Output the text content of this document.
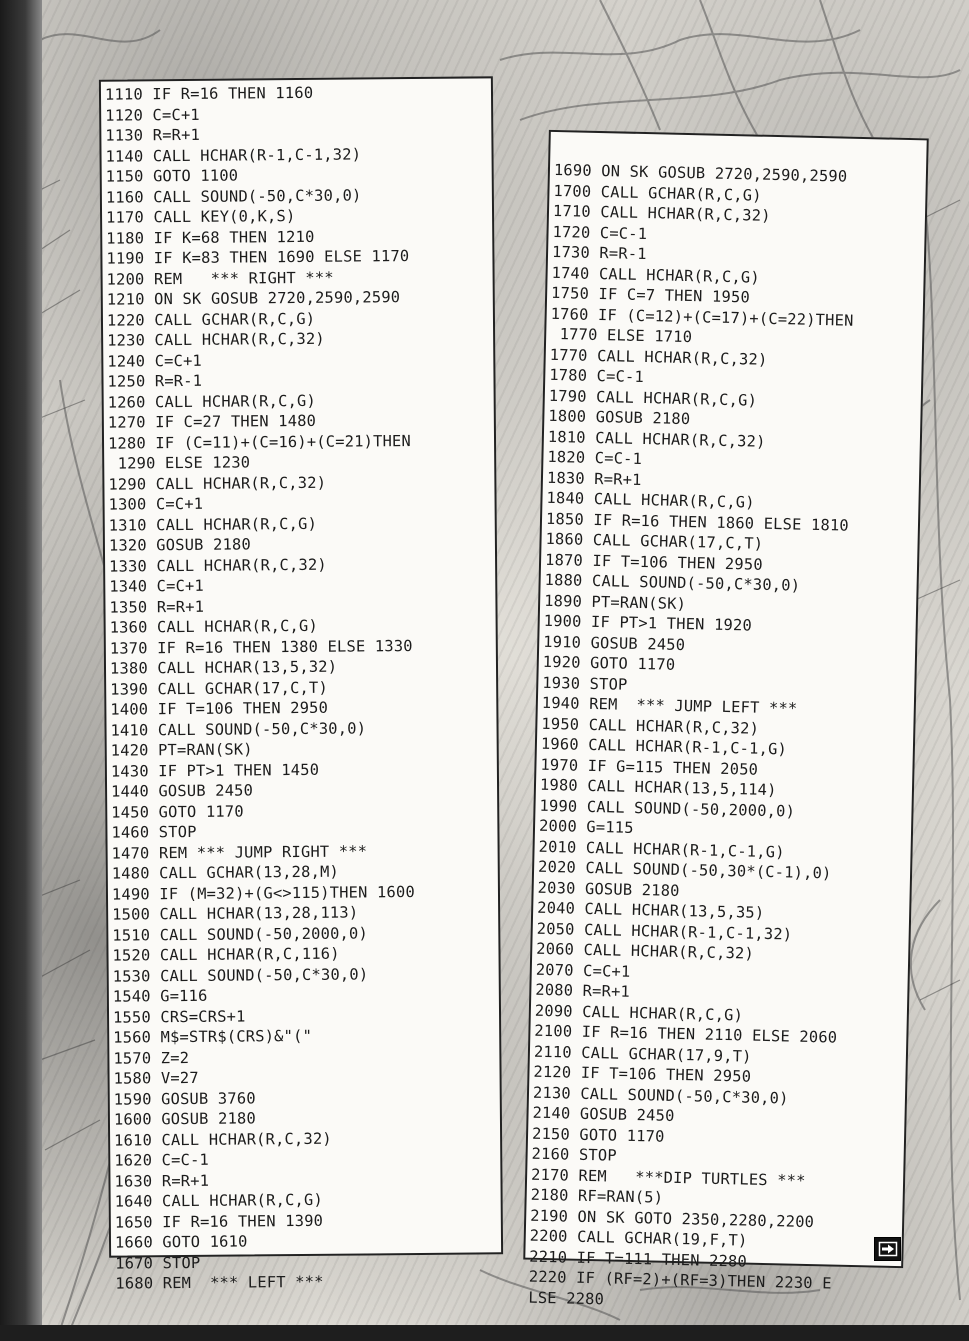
1110 IF R=16 THEN 1160
1120 C=C+1
1130 R=R+1
1140 CALL HCHAR(R-1,C-1,32)
1150 GOTO 1100
1160 CALL SOUND(-50,C*30,0)
1170 CALL KEY(0,K,S)
1180 IF K=68 THEN 1210
1190 IF K=83 THEN 1690 ELSE 1170
1200 REM   *** RIGHT ***
1210 ON SK GOSUB 2720,2590,2590
1220 CALL GCHAR(R,C,G)
1230 CALL HCHAR(R,C,32)
1240 C=C+1
1250 R=R-1
1260 CALL HCHAR(R,C,G)
1270 IF C=27 THEN 1480
1280 IF (C=11)+(C=16)+(C=21)THEN
1290 ELSE 1230
1290 CALL HCHAR(R,C,32)
1300 C=C+1
1310 CALL HCHAR(R,C,G)
1320 GOSUB 2180
1330 CALL HCHAR(R,C,32)
1340 C=C+1
1350 R=R+1
1360 CALL HCHAR(R,C,G)
1370 IF R=16 THEN 1380 ELSE 1330
1380 CALL HCHAR(13,5,32)
1390 CALL GCHAR(17,C,T)
1400 IF T=106 THEN 2950
1410 CALL SOUND(-50,C*30,0)
1420 PT=RAN(SK)
1430 IF PT>1 THEN 1450
1440 GOSUB 2450
1450 GOTO 1170
1460 STOP
1470 REM *** JUMP RIGHT ***
1480 CALL GCHAR(13,28,M)
1490 IF (M=32)+(G<>115)THEN 1600
1500 CALL HCHAR(13,28,113)
1510 CALL SOUND(-50,2000,0)
1520 CALL HCHAR(R,C,116)
1530 CALL SOUND(-50,C*30,0)
1540 G=116
1550 CRS=CRS+1
1560 M$=STR$(CRS)&"("
1570 Z=2
1580 V=27
1590 GOSUB 3760
1600 GOSUB 2180
1610 CALL HCHAR(R,C,32)
1620 C=C-1
1630 R=R+1
1640 CALL HCHAR(R,C,G)
1650 IF R=16 THEN 1390
1660 GOTO 1610
1670 STOP
1680 REM  *** LEFT ***
1690 ON SK GOSUB 2720,2590,2590
1700 CALL GCHAR(R,C,G)
1710 CALL HCHAR(R,C,32)
1720 C=C-1
1730 R=R-1
1740 CALL HCHAR(R,C,G)
1750 IF C=7 THEN 1950
1760 IF (C=12)+(C=17)+(C=22)THEN
1770 ELSE 1710
1770 CALL HCHAR(R,C,32)
1780 C=C-1
1790 CALL HCHAR(R,C,G)
1800 GOSUB 2180
1810 CALL HCHAR(R,C,32)
1820 C=C-1
1830 R=R+1
1840 CALL HCHAR(R,C,G)
1850 IF R=16 THEN 1860 ELSE 1810
1860 CALL GCHAR(17,C,T)
1870 IF T=106 THEN 2950
1880 CALL SOUND(-50,C*30,0)
1890 PT=RAN(SK)
1900 IF PT>1 THEN 1920
1910 GOSUB 2450
1920 GOTO 1170
1930 STOP
1940 REM  *** JUMP LEFT ***
1950 CALL HCHAR(R,C,32)
1960 CALL HCHAR(R-1,C-1,G)
1970 IF G=115 THEN 2050
1980 CALL HCHAR(13,5,114)
1990 CALL SOUND(-50,2000,0)
2000 G=115
2010 CALL HCHAR(R-1,C-1,G)
2020 CALL SOUND(-50,30*(C-1),0)
2030 GOSUB 2180
2040 CALL HCHAR(13,5,35)
2050 CALL HCHAR(R-1,C-1,32)
2060 CALL HCHAR(R,C,32)
2070 C=C+1
2080 R=R+1
2090 CALL HCHAR(R,C,G)
2100 IF R=16 THEN 2110 ELSE 2060
2110 CALL GCHAR(17,9,T)
2120 IF T=106 THEN 2950
2130 CALL SOUND(-50,C*30,0)
2140 GOSUB 2450
2150 GOTO 1170
2160 STOP
2170 REM   ***DIP TURTLES ***
2180 RF=RAN(5)
2190 ON SK GOTO 2350,2280,2200
2200 CALL GCHAR(19,F,T)
2210 IF T=111 THEN 2280
2220 IF (RF=2)+(RF=3)THEN 2230 E
LSE 2280
